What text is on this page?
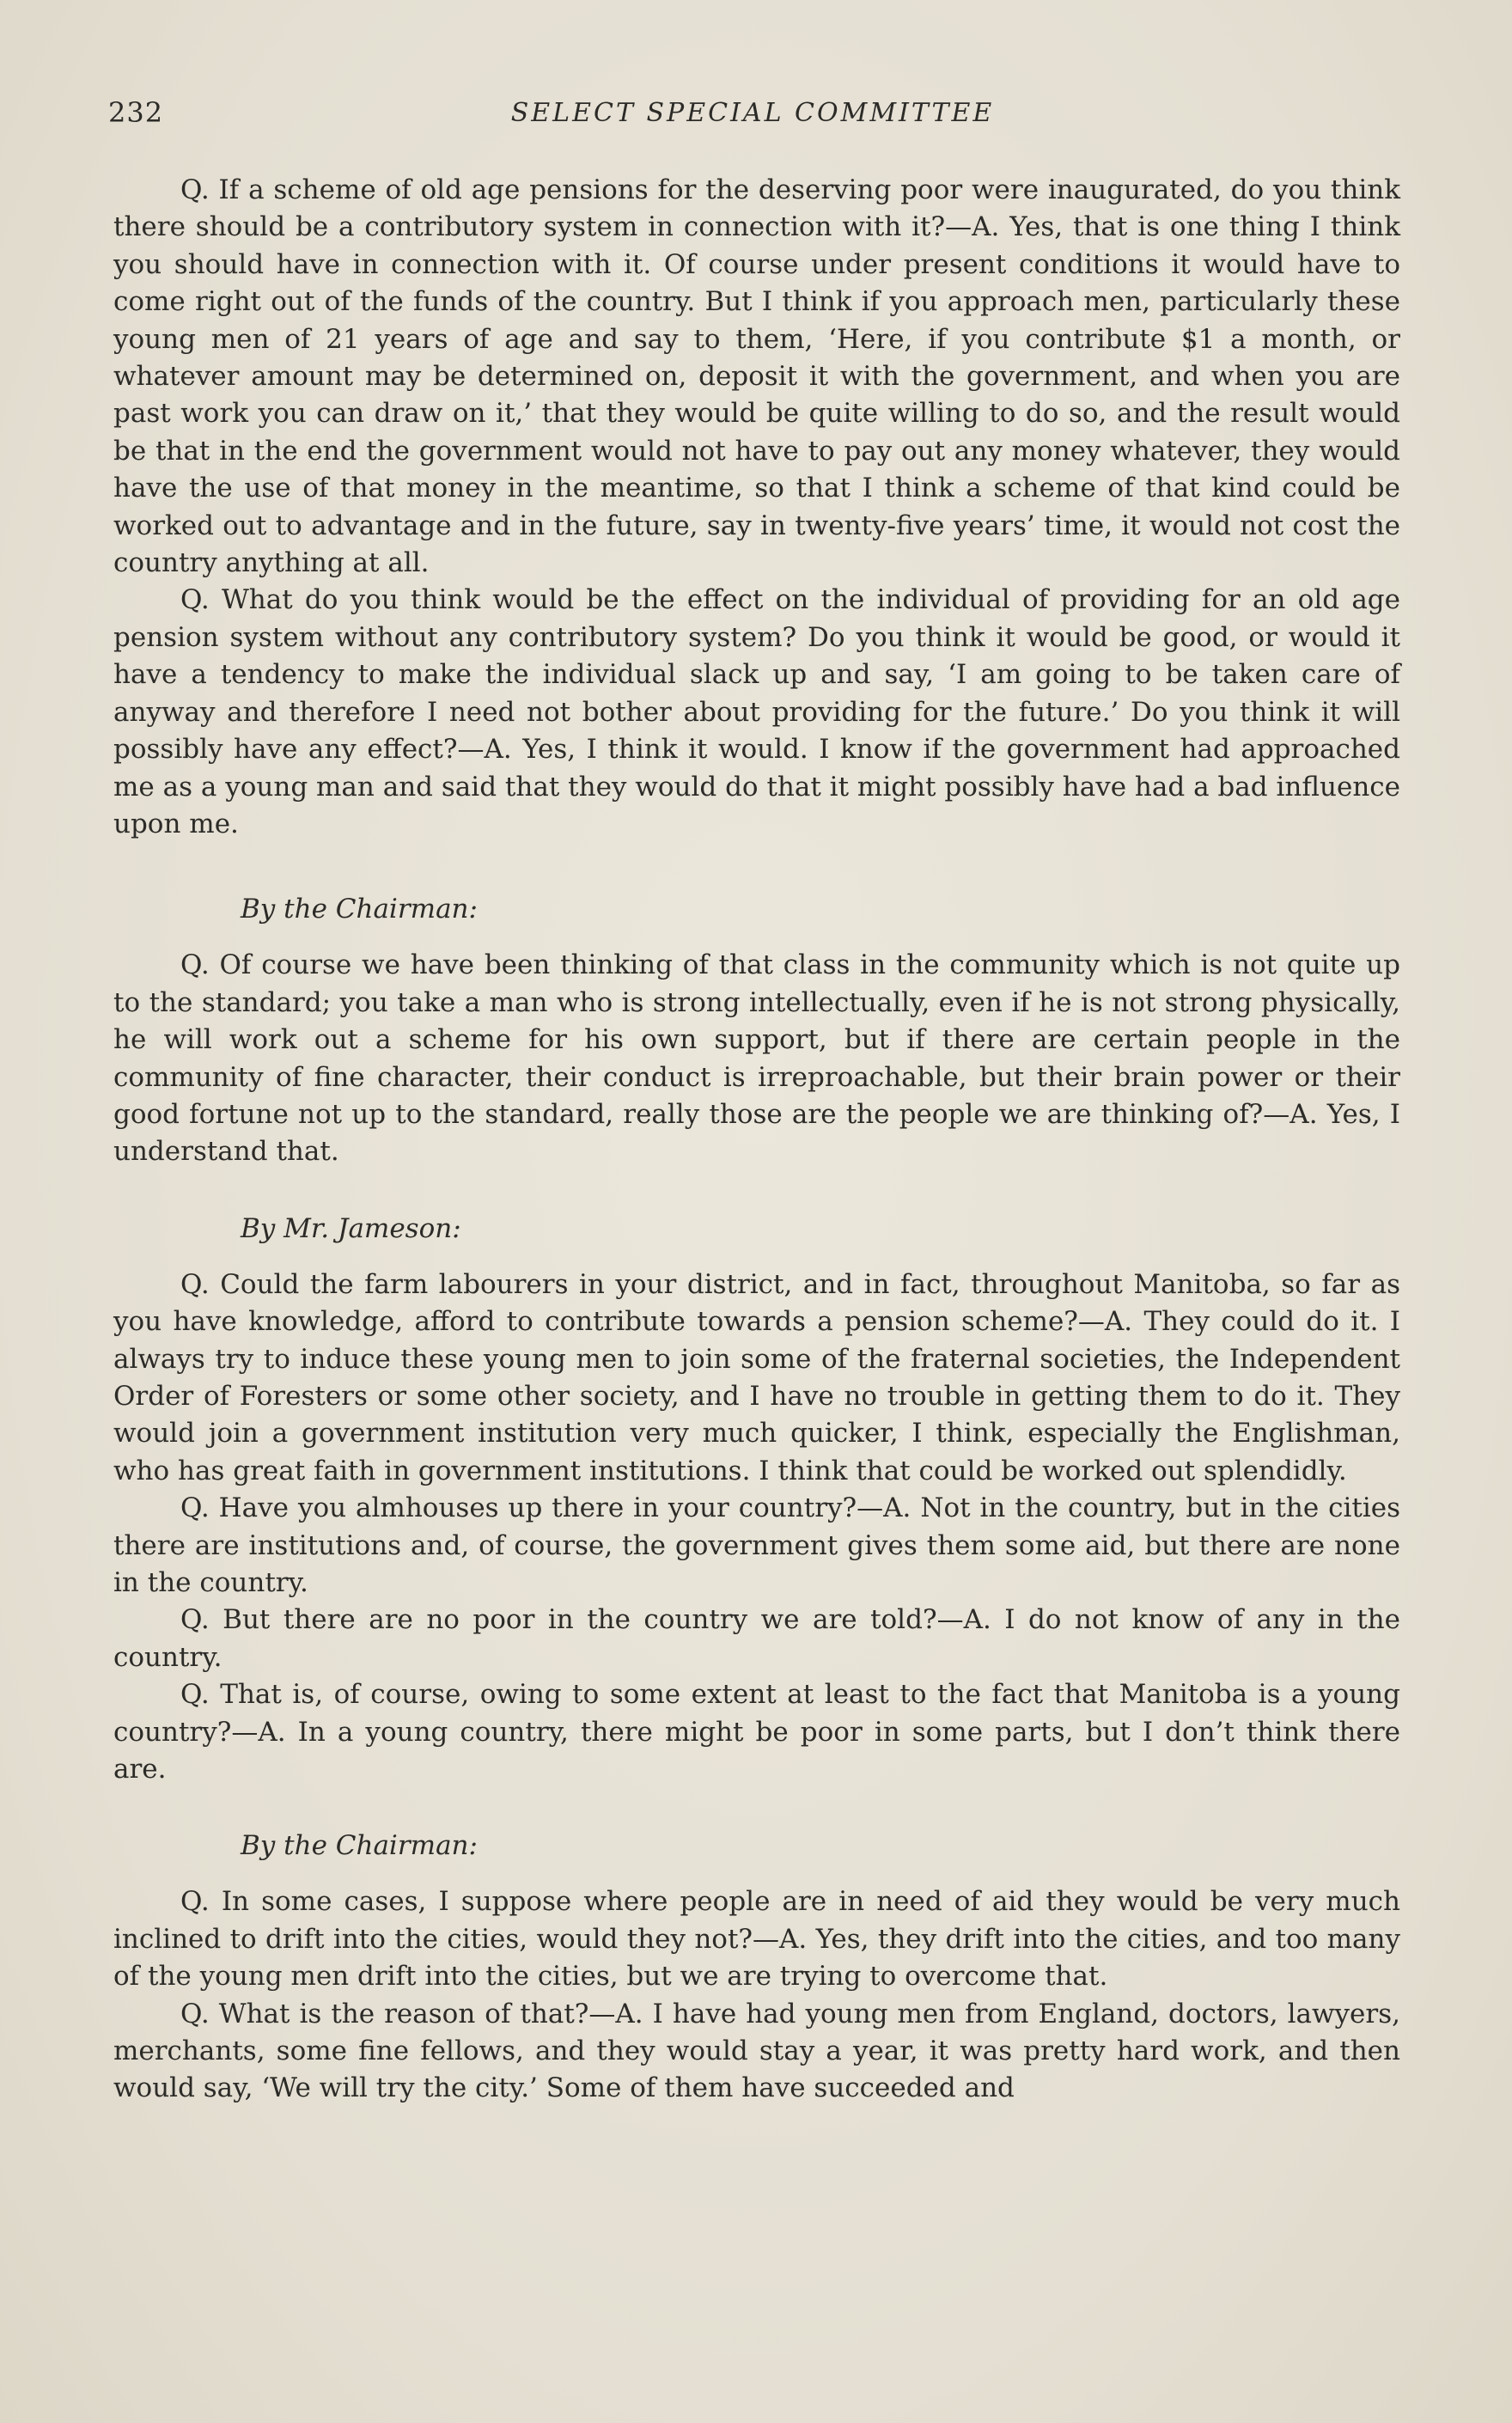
232	SELECT SPECIAL COMMITTEE

Q. If a scheme of old age pensions for the deserving poor were inaugurated, do you think there should be a contributory system in connection with it?—A. Yes, that is one thing I think you should have in connection with it. Of course under present conditions it would have to come right out of the funds of the country. But I think if you approach men, particularly these young men of 21 years of age and say to them, ‘Here, if you contribute $1 a month, or whatever amount may be determined on, deposit it with the government, and when you are past work you can draw on it,’ that they would be quite willing to do so, and the result would be that in the end the government would not have to pay out any money whatever, they would have the use of that money in the meantime, so that I think a scheme of that kind could be worked out to advantage and in the future, say in twenty-five years’ time, it would not cost the country anything at all.

Q. What do you think would be the effect on the individual of providing for an old age pension system without any contributory system? Do you think it would be good, or would it have a tendency to make the individual slack up and say, ‘I am going to be taken care of anyway and therefore I need not bother about providing for the future.’ Do you think it will possibly have any effect?—A. Yes, I think it would. I know if the government had approached me as a young man and said that they would do that it might possibly have had a bad influence upon me.

By the Chairman:

Q. Of course we have been thinking of that class in the community which is not quite up to the standard; you take a man who is strong intellectually, even if he is not strong physically, he will work out a scheme for his own support, but if there are certain people in the community of fine character, their conduct is irreproachable, but their brain power or their good fortune not up to the standard, really those are the people we are thinking of?—A. Yes, I understand that.

By Mr. Jameson:

Q. Could the farm labourers in your district, and in fact, throughout Manitoba, so far as you have knowledge, afford to contribute towards a pension scheme?—A. They could do it. I always try to induce these young men to join some of the fraternal societies, the Independent Order of Foresters or some other society, and I have no trouble in getting them to do it. They would join a government institution very much quicker, I think, especially the Englishman, who has great faith in government institutions. I think that could be worked out splendidly.

Q. Have you almhouses up there in your country?—A. Not in the country, but in the cities there are institutions and, of course, the government gives them some aid, but there are none in the country.

Q. But there are no poor in the country we are told?—A. I do not know of any in the country.

Q. That is, of course, owing to some extent at least to the fact that Manitoba is a young country?—A. In a young country, there might be poor in some parts, but I don’t think there are.

By the Chairman:

Q. In some cases, I suppose where people are in need of aid they would be very much inclined to drift into the cities, would they not?—A. Yes, they drift into the cities, and too many of the young men drift into the cities, but we are trying to overcome that.

Q. What is the reason of that?—A. I have had young men from England, doctors, lawyers, merchants, some fine fellows, and they would stay a year, it was pretty hard work, and then would say, ‘We will try the city.’ Some of them have succeeded and
